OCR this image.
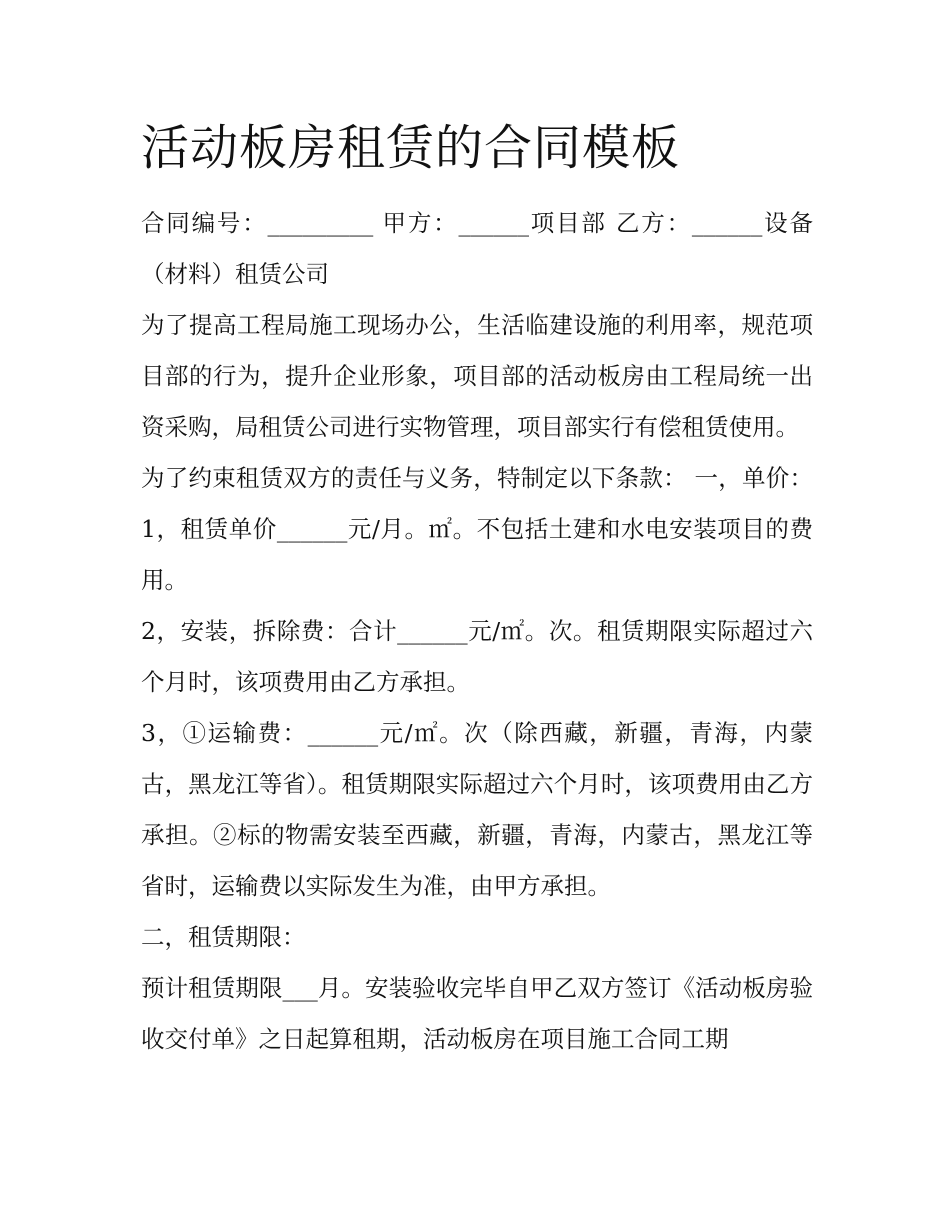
活动板房租赁的合同模板

合同编号：_________ 甲方：______项目部 乙方：______设备（材料）租赁公司

为了提高工程局施工现场办公，生活临建设施的利用率，规范项目部的行为，提升企业形象，项目部的活动板房由工程局统一出资采购，局租赁公司进行实物管理，项目部实行有偿租赁使用。

为了约束租赁双方的责任与义务，特制定以下条款： 一，单价： 1，租赁单价______元/月。㎡。不包括土建和水电安装项目的费用。

2，安装，拆除费：合计______元/㎡。次。租赁期限实际超过六个月时，该项费用由乙方承担。

3，①运输费：______元/㎡。次（除西藏，新疆，青海，内蒙古，黑龙江等省）。租赁期限实际超过六个月时，该项费用由乙方承担。②标的物需安装至西藏，新疆，青海，内蒙古，黑龙江等省时，运输费以实际发生为准，由甲方承担。

二，租赁期限：

预计租赁期限___月。安装验收完毕自甲乙双方签订《活动板房验收交付单》之日起算租期，活动板房在项目施工合同工期
